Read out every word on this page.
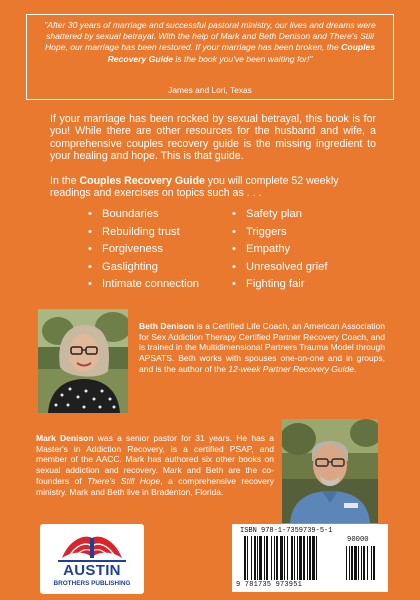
"After 30 years of marriage and successful pastoral ministry, our lives and dreams were shattered by sexual betrayal. With the help of Mark and Beth Denison and There's Still Hope, our marriage has been restored. If your marriage has been broken, the Couples Recovery Guide is the book you've been waiting for!"
James and Lori, Texas

If your marriage has been rocked by sexual betrayal, this book is for you! While there are other resources for the husband and wife, a comprehensive couples recovery guide is the missing ingredient to your healing and hope. This is that guide.

In the Couples Recovery Guide you will complete 52 weekly readings and exercises on topics such as . . .

• Boundaries
• Rebuilding trust
• Forgiveness
• Gaslighting
• Intimate connection
• Safety plan
• Triggers
• Empathy
• Unresolved grief
• Fighting fair

Beth Denison is a Certified Life Coach, an American Association for Sex Addiction Therapy Certified Partner Recovery Coach, and is trained in the Multidimensional Partners Trauma Model through APSATS. Beth works with spouses one-on-one and in groups, and is the author of the 12-week Partner Recovery Guide.

Mark Denison was a senior pastor for 31 years. He has a Master's in Addiction Recovery, is a certified PSAP, and member of the AACC. Mark has authored six other books on sexual addiction and recovery. Mark and Beth are the co-founders of There's Still Hope, a comprehensive recovery ministry. Mark and Beth live in Bradenton, Florida.

AUSTIN
BROTHERS PUBLISHING
ISBN 978-1-7359739-5-1
90000
9 781735 973951
